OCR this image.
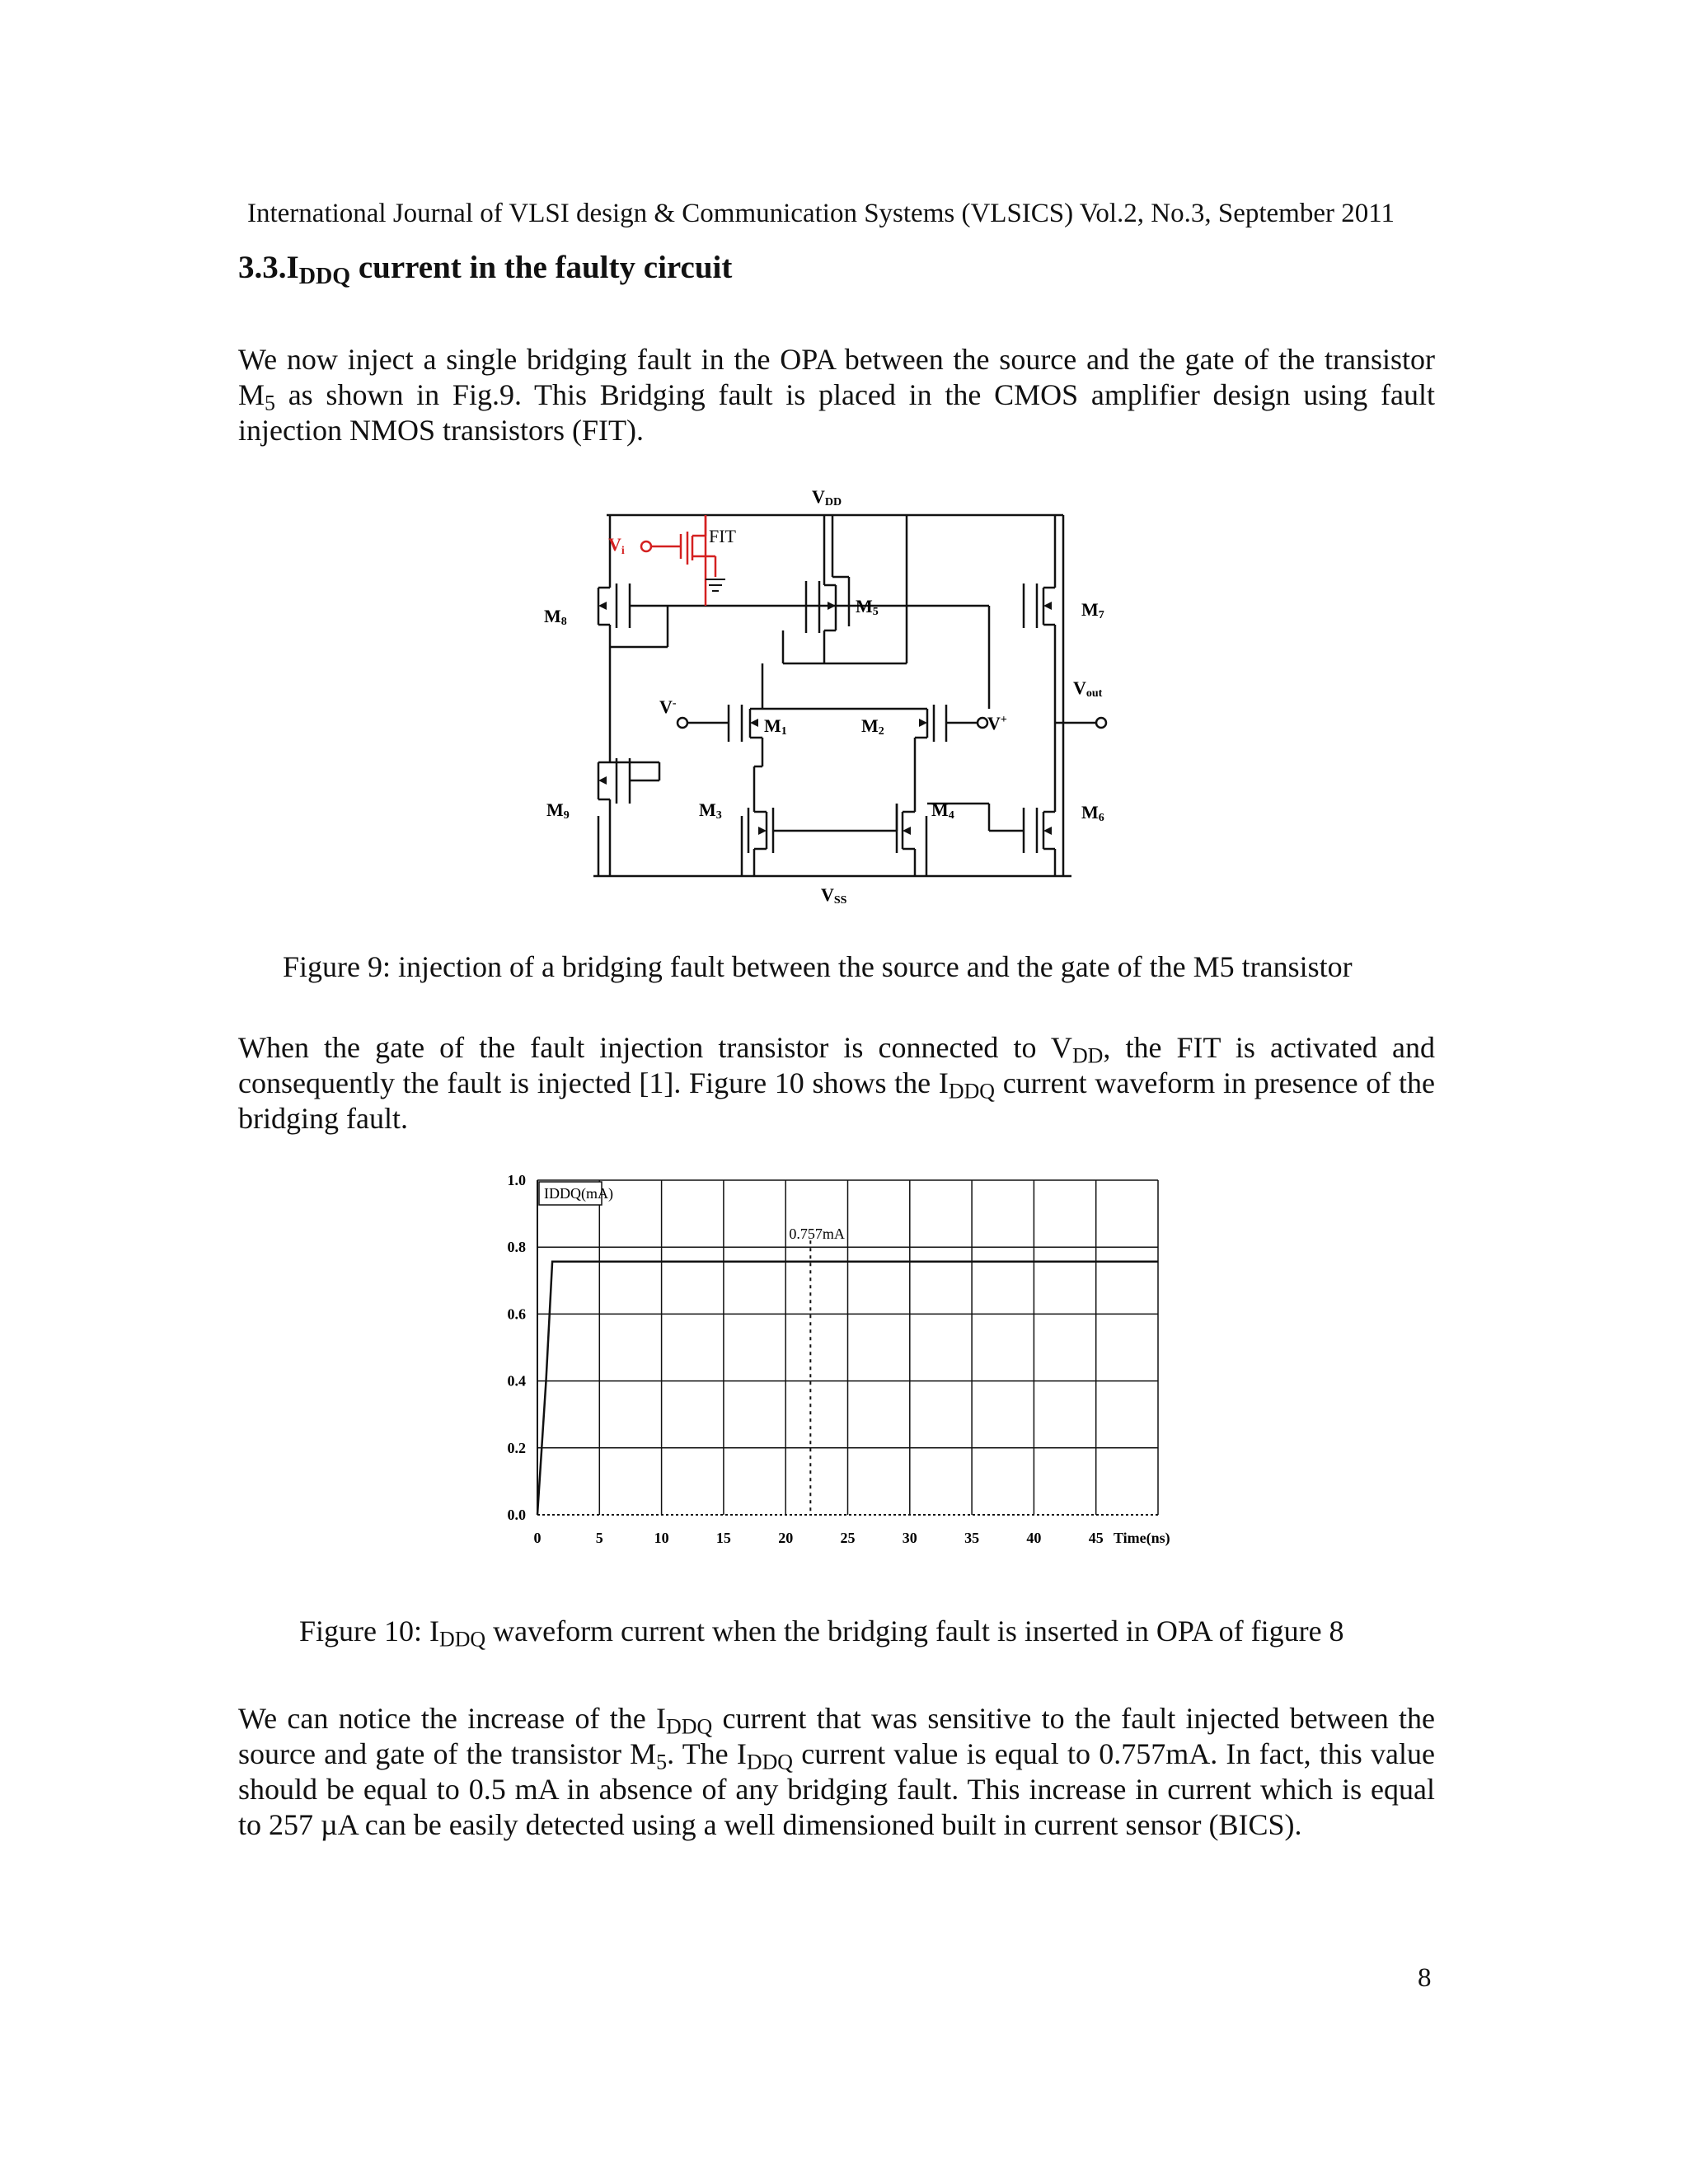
International Journal of VLSI design & Communication Systems (VLSICS) Vol.2, No.3, September 2011
$3.3.I_{DDQ}$ current in the faulty circuit
We now inject a single bridging fault in the OPA between the source and the gate of the transistor $M_5$ as shown in Fig.9. This Bridging fault is placed in the CMOS amplifier design using fault injection NMOS transistors (FIT).
VDD
Vi
FIT
M8
M5	M7
Vout
V-
M1	M2	V+
M9	M3	M4	M6
VSS
Figure 9: injection of a bridging fault between the source and the gate of the M5 transistor
When the gate of the fault injection transistor is connected to $V_{DD}$, the FIT is activated and consequently the fault is injected [1]. Figure 10 shows the $I_{DDQ}$ current waveform in presence of the bridging fault.
0.0
0.2
0.4
0.6
0.8
1.0
0	5	10	15	20	25	30	35	40	45
0.757mA
IDDQ(mA)
Time(ns)
Figure 10: $I_{DDQ}$ waveform current when the bridging fault is inserted in OPA of figure 8
We can notice the increase of the $I_{DDQ}$ current that was sensitive to the fault injected between the source and gate of the transistor $M_5$. The $I_{DDQ}$ current value is equal to 0.757mA. In fact, this value should be equal to 0.5 mA in absence of any bridging fault. This increase in current which is equal to 257 µA can be easily detected using a well dimensioned built in current sensor (BICS).
8
